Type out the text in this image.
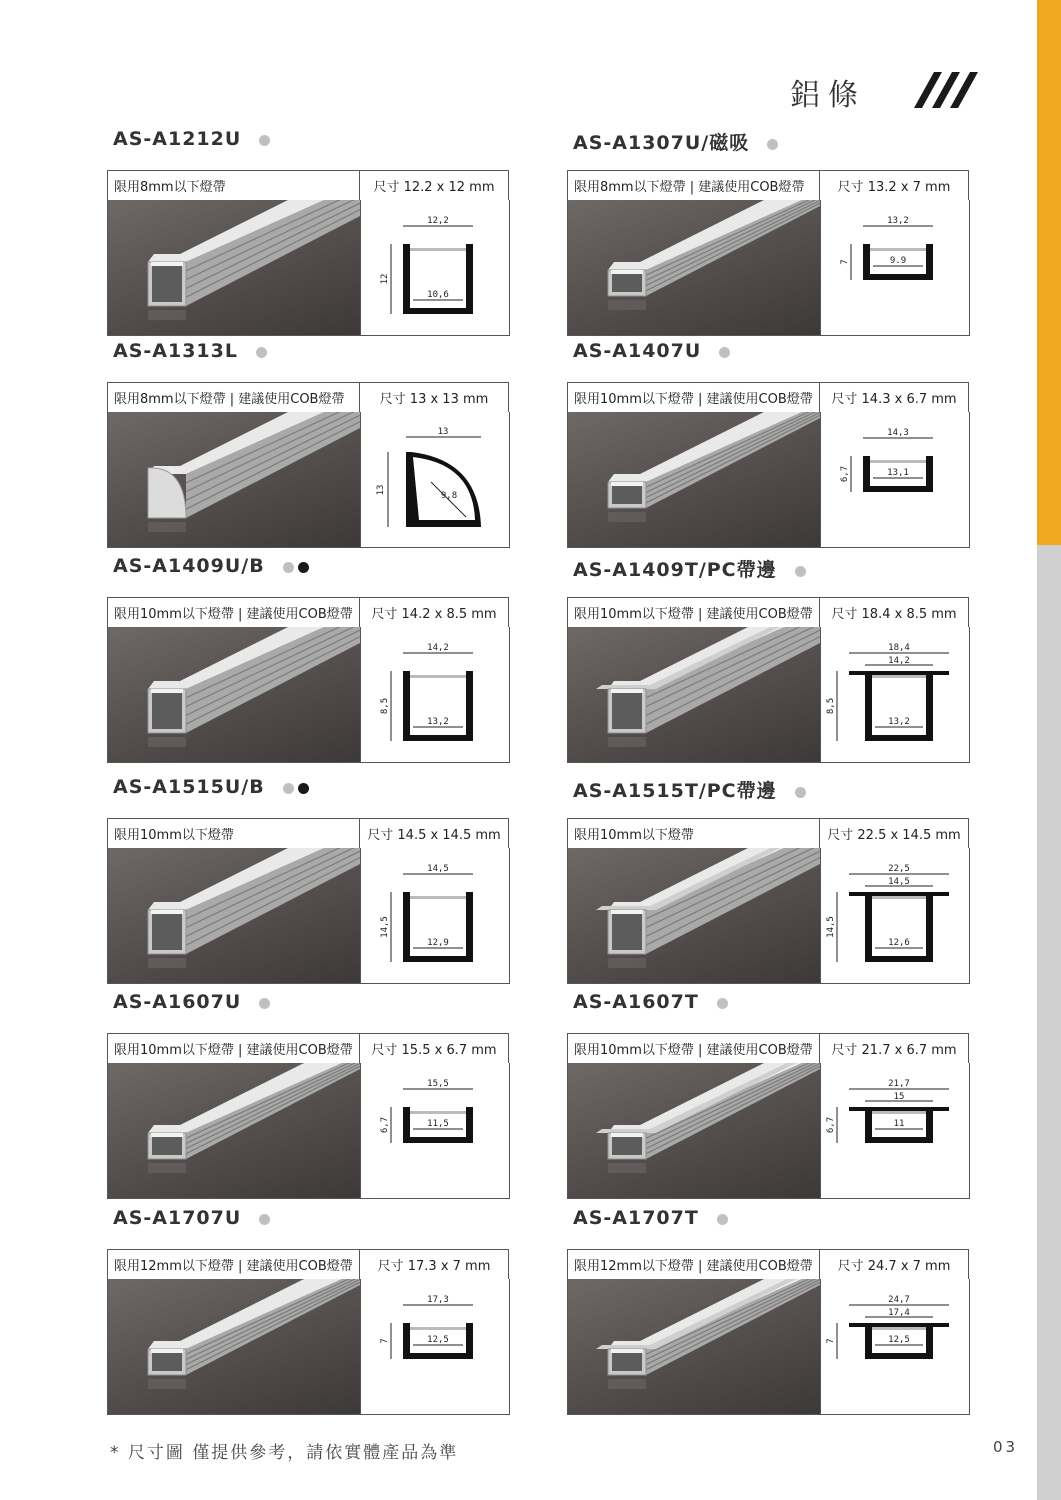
鋁條
AS-A1212U
限用8mm以下燈帶	尺寸 12.2 x 12 mm
12,2
12
10,6
AS-A1307U/磁吸
限用8mm以下燈帶 | 建議使用COB燈帶	尺寸 13.2 x 7 mm
13,2
7	9.9
AS-A1313L
限用8mm以下燈帶 | 建議使用COB燈帶	尺寸 13 x 13 mm
13
13
9,8
AS-A1407U
限用10mm以下燈帶 | 建議使用COB燈帶	尺寸 14.3 x 6.7 mm
14,3
6,7	13,1
AS-A1409U/B
限用10mm以下燈帶 | 建議使用COB燈帶	尺寸 14.2 x 8.5 mm
14,2
8,5
13,2
AS-A1409T/PC帶邊
限用10mm以下燈帶 | 建議使用COB燈帶	尺寸 18.4 x 8.5 mm
18,4
14,2
8,5
13,2
AS-A1515U/B
限用10mm以下燈帶	尺寸 14.5 x 14.5 mm
14,5
14,5
12,9
AS-A1515T/PC帶邊
限用10mm以下燈帶	尺寸 22.5 x 14.5 mm
22,5
14,5
14,5
12,6
AS-A1607U
限用10mm以下燈帶 | 建議使用COB燈帶	尺寸 15.5 x 6.7 mm
15,5
6,7	11,5
AS-A1607T
限用10mm以下燈帶 | 建議使用COB燈帶	尺寸 21.7 x 6.7 mm
21,7
15
6,7	11
AS-A1707U
限用12mm以下燈帶 | 建議使用COB燈帶	尺寸 17.3 x 7 mm
17,3
7	12,5
AS-A1707T
限用12mm以下燈帶 | 建議使用COB燈帶	尺寸 24.7 x 7 mm
24,7
17,4
7	12,5
* 尺寸圖 僅提供參考，請依實體產品為準	03
